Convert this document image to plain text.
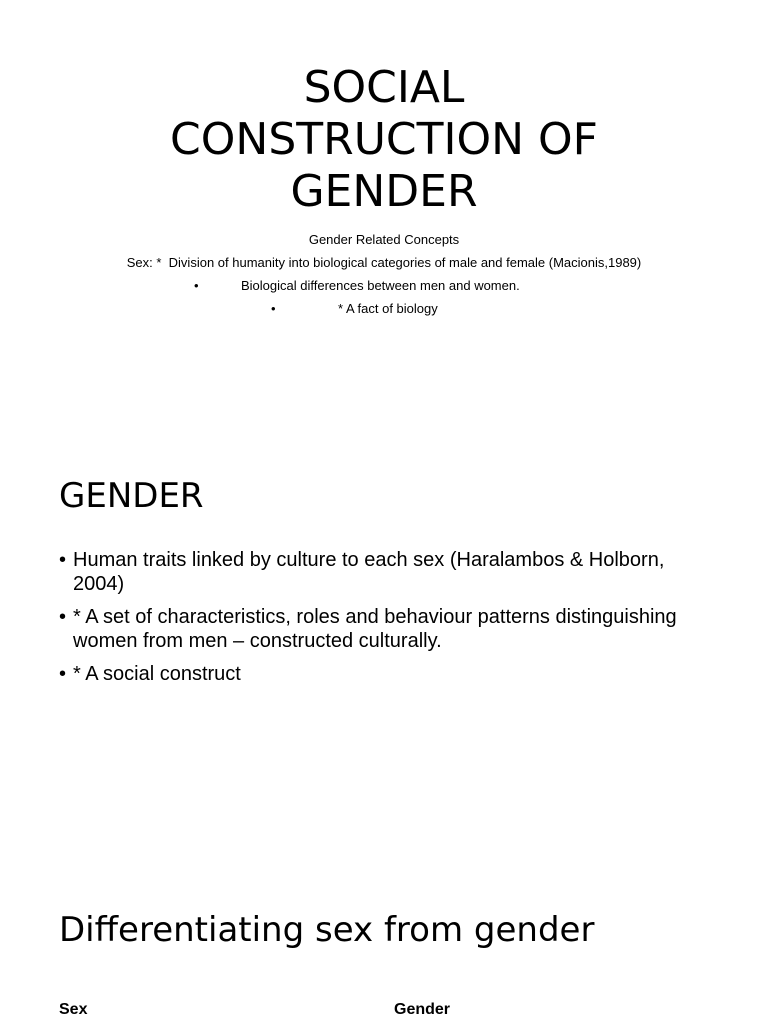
SOCIAL
CONSTRUCTION OF
GENDER
Gender Related Concepts
Sex: *  Division of humanity into biological categories of male and female (Macionis,1989)
•	Biological differences between men and women.
•	* A fact of biology
GENDER
• Human traits linked by culture to each sex (Haralambos & Holborn, 2004)
• * A set of characteristics, roles and behaviour patterns distinguishing women from men – constructed culturally.
• * A social construct
Differentiating sex from gender
Sex	Gender
